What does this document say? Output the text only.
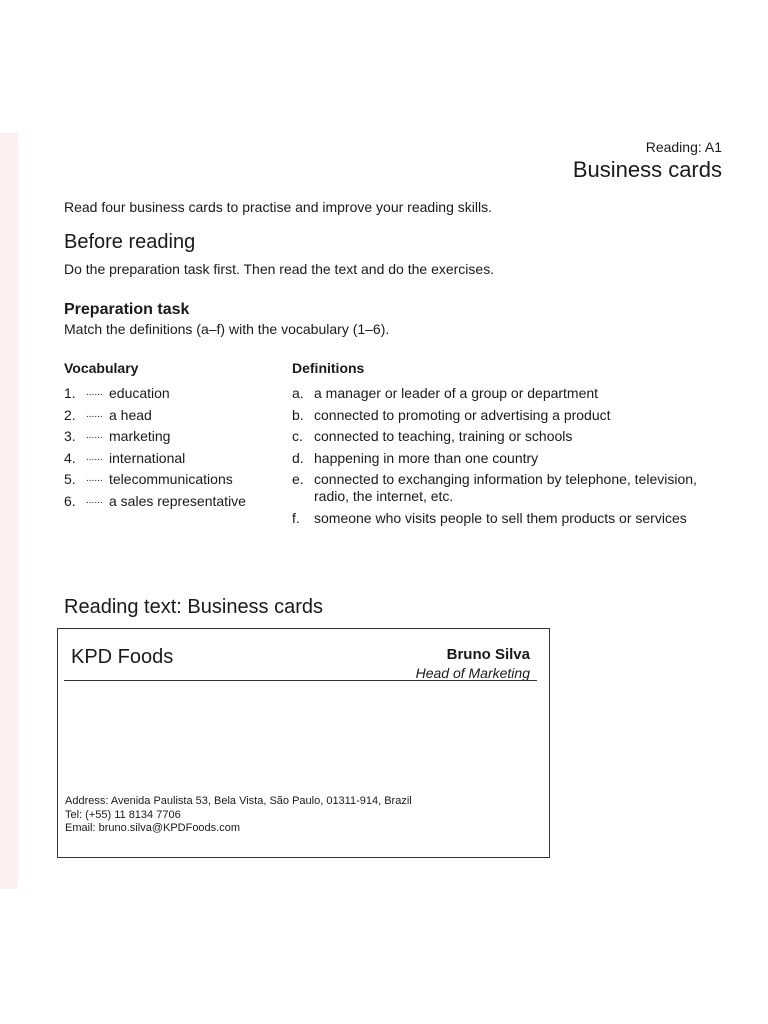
Reading: A1
Business cards
Read four business cards to practise and improve your reading skills.
Before reading
Do the preparation task first. Then read the text and do the exercises.
Preparation task
Match the definitions (a–f) with the vocabulary (1–6).
Vocabulary
1.	...... education
2.	...... a head
3.	...... marketing
4.	...... international
5.	...... telecommunications
6.	...... a sales representative
Definitions
a. a manager or leader of a group or department
b. connected to promoting or advertising a product
c. connected to teaching, training or schools
d. happening in more than one country
e. connected to exchanging information by telephone, television, radio, the internet, etc.
f.	someone who visits people to sell them products or services
Reading text: Business cards
KPD Foods	Bruno Silva
Head of Marketing
Address: Avenida Paulista 53, Bela Vista, São Paulo, 01311-914, Brazil
Tel: (+55) 11 8134 7706
Email: bruno.silva@KPDFoods.com
